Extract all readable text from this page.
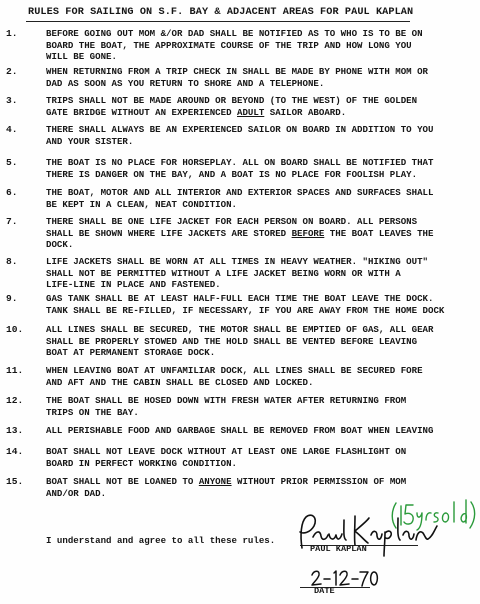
RULES FOR SAILING ON S.F. BAY & ADJACENT AREAS FOR PAUL KAPLAN
1.	BEFORE GOING OUT MOM &/OR DAD SHALL BE NOTIFIED AS TO WHO IS TO BE ON
BOARD THE BOAT, THE APPROXIMATE COURSE OF THE TRIP AND HOW LONG YOU
WILL BE GONE.
2.	WHEN RETURNING FROM A TRIP CHECK IN SHALL BE MADE BY PHONE WITH MOM OR
DAD AS SOON AS YOU RETURN TO SHORE AND A TELEPHONE.
3.	TRIPS SHALL NOT BE MADE AROUND OR BEYOND (TO THE WEST) OF THE GOLDEN
GATE BRIDGE WITHOUT AN EXPERIENCED ADULT SAILOR ABOARD.
4.	THERE SHALL ALWAYS BE AN EXPERIENCED SAILOR ON BOARD IN ADDITION TO YOU
AND YOUR SISTER.
5.	THE BOAT IS NO PLACE FOR HORSEPLAY. ALL ON BOARD SHALL BE NOTIFIED THAT
THERE IS DANGER ON THE BAY, AND A BOAT IS NO PLACE FOR FOOLISH PLAY.
6.	THE BOAT, MOTOR AND ALL INTERIOR AND EXTERIOR SPACES AND SURFACES SHALL
BE KEPT IN A CLEAN, NEAT CONDITION.
7.	THERE SHALL BE ONE LIFE JACKET FOR EACH PERSON ON BOARD. ALL PERSONS
SHALL BE SHOWN WHERE LIFE JACKETS ARE STORED BEFORE THE BOAT LEAVES THE
DOCK.
8.	LIFE JACKETS SHALL BE WORN AT ALL TIMES IN HEAVY WEATHER. "HIKING OUT"
SHALL NOT BE PERMITTED WITHOUT A LIFE JACKET BEING WORN OR WITH A
LIFE-LINE IN PLACE AND FASTENED.
9.	GAS TANK SHALL BE AT LEAST HALF-FULL EACH TIME THE BOAT LEAVE THE DOCK.
TANK SHALL BE RE-FILLED, IF NECESSARY, IF YOU ARE AWAY FROM THE HOME DOCK
10. ALL LINES SHALL BE SECURED, THE MOTOR SHALL BE EMPTIED OF GAS, ALL GEAR
SHALL BE PROPERLY STOWED AND THE HOLD SHALL BE VENTED BEFORE LEAVING
BOAT AT PERMANENT STORAGE DOCK.
11. WHEN LEAVING BOAT AT UNFAMILIAR DOCK, ALL LINES SHALL BE SECURED FORE
AND AFT AND THE CABIN SHALL BE CLOSED AND LOCKED.
12. THE BOAT SHALL BE HOSED DOWN WITH FRESH WATER AFTER RETURNING FROM
TRIPS ON THE BAY.
13. ALL PERISHABLE FOOD AND GARBAGE SHALL BE REMOVED FROM BOAT WHEN LEAVING
14. BOAT SHALL NOT LEAVE DOCK WITHOUT AT LEAST ONE LARGE FLASHLIGHT ON
BOARD IN PERFECT WORKING CONDITION.
15. BOAT SHALL NOT BE LOANED TO ANYONE WITHOUT PRIOR PERMISSION OF MOM
AND/OR DAD.
I understand and agree to all these rules.
PAUL KAPLAN
DATE
